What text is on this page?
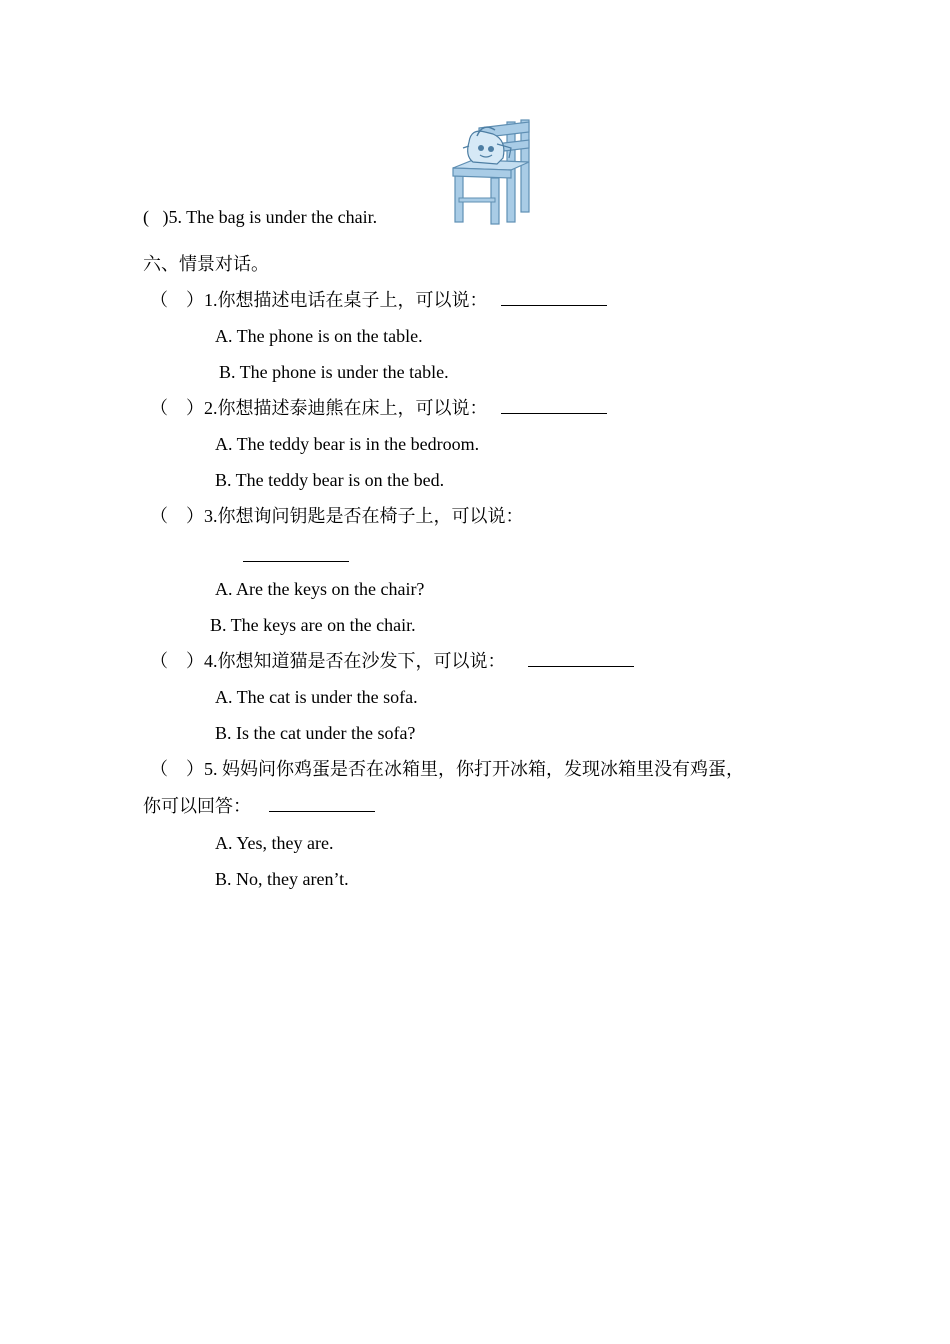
( )5. The bag is under the chair.
六、情景对话。
（ ）1.你想描述电话在桌子上，可以说：
A. The phone is on the table.
B. The phone is under the table.
（ ）2.你想描述泰迪熊在床上，可以说：
A. The teddy bear is in the bedroom.
B. The teddy bear is on the bed.
（ ）3.你想询问钥匙是否在椅子上，可以说：
A. Are the keys on the chair?
B. The keys are on the chair.
（ ）4.你想知道猫是否在沙发下，可以说：
A. The cat is under the sofa.
B. Is the cat under the sofa?
（ ）5. 妈妈问你鸡蛋是否在冰箱里，你打开冰箱，发现冰箱里没有鸡蛋，
你可以回答：
A. Yes, they are.
B. No, they aren’t.
